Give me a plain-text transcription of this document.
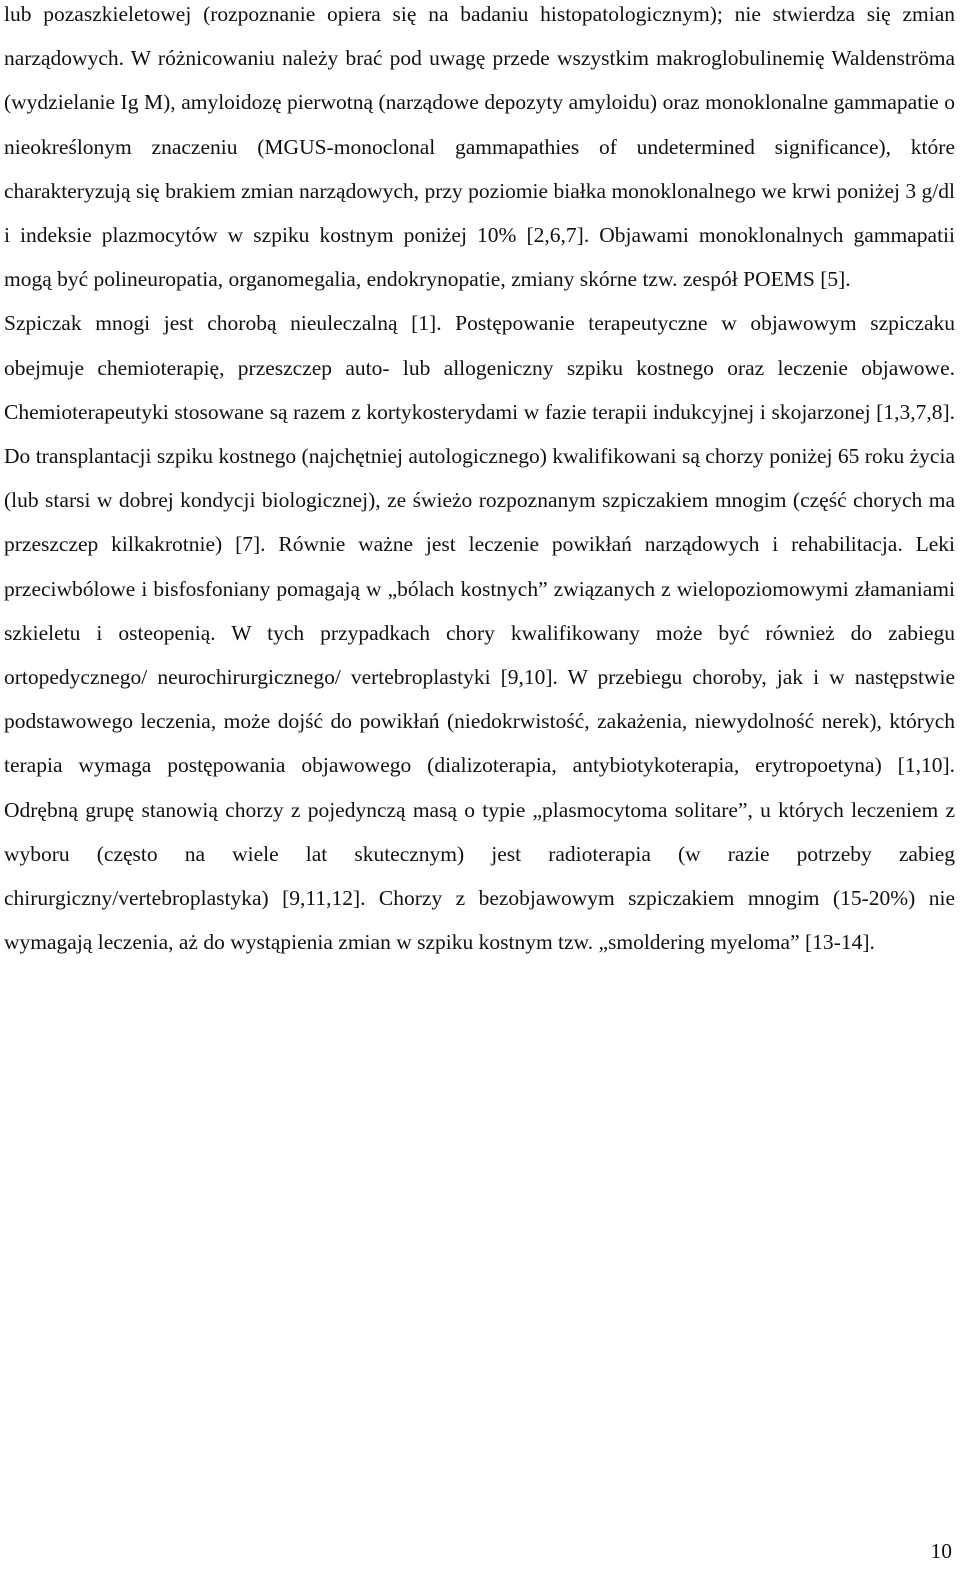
lub pozaszkieletowej (rozpoznanie opiera się na badaniu histopatologicznym); nie stwierdza się zmian narządowych. W różnicowaniu należy brać pod uwagę przede wszystkim makroglobulinemię Waldenströma (wydzielanie Ig M), amyloidozę pierwotną (narządowe depozyty amyloidu) oraz monoklonalne gammapatie o nieokreślonym znaczeniu (MGUS-monoclonal gammapathies of undetermined significance), które charakteryzują się brakiem zmian narządowych, przy poziomie białka monoklonalnego we krwi poniżej 3 g/dl i indeksie plazmocytów w szpiku kostnym poniżej 10% [2,6,7]. Objawami monoklonalnych gammapatii mogą być polineuropatia, organomegalia, endokrynopatie, zmiany skórne tzw. zespół POEMS [5].

Szpiczak mnogi jest chorobą nieuleczalną [1]. Postępowanie terapeutyczne w objawowym szpiczaku obejmuje chemioterapię, przeszczep auto- lub allogeniczny szpiku kostnego oraz leczenie objawowe. Chemioterapeutyki stosowane są razem z kortykosterydami w fazie terapii indukcyjnej i skojarzonej [1,3,7,8]. Do transplantacji szpiku kostnego (najchętniej autologicznego) kwalifikowani są chorzy poniżej 65 roku życia (lub starsi w dobrej kondycji biologicznej), ze świeżo rozpoznanym szpiczakiem mnogim (część chorych ma przeszczep kilkakrotnie) [7]. Równie ważne jest leczenie powikłań narządowych i rehabilitacja. Leki przeciwbólowe i bisfosfoniany pomagają w „bólach kostnych” związanych z wielopoziomowymi złamaniami szkieletu i osteopenią. W tych przypadkach chory kwalifikowany może być również do zabiegu ortopedycznego/ neurochirurgicznego/ vertebroplastyki [9,10]. W przebiegu choroby, jak i w następstwie podstawowego leczenia, może dojść do powikłań (niedokrwistość, zakażenia, niewydolność nerek), których terapia wymaga postępowania objawowego (dializoterapia, antybiotykoterapia, erytropoetyna) [1,10]. Odrębną grupę stanowią chorzy z pojedynczą masą o typie „plasmocytoma solitare”, u których leczeniem z wyboru (często na wiele lat skutecznym) jest radioterapia (w razie potrzeby zabieg chirurgiczny/vertebroplastyka) [9,11,12]. Chorzy z bezobjawowym szpiczakiem mnogim (15-20%) nie wymagają leczenia, aż do wystąpienia zmian w szpiku kostnym tzw. „smoldering myeloma” [13-14].

10
